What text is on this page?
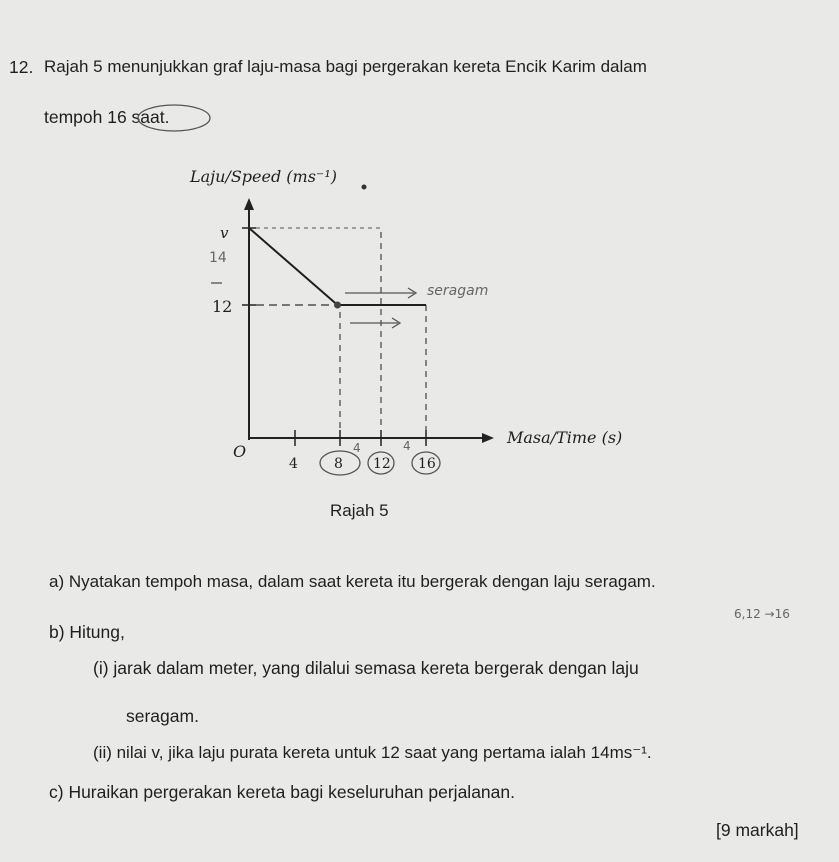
12. Rajah 5 menunjukkan graf laju-masa bagi pergerakan kereta Encik Karim dalam
tempoh 16 saat.
Laju/Speed (ms⁻¹)
Masa/Time (s)
O
v
12
4	8 12 16
seragam
14
4	4
6,12 →16
Rajah 5
a) Nyatakan tempoh masa, dalam saat kereta itu bergerak dengan laju seragam.
b) Hitung,
(i) jarak dalam meter, yang dilalui semasa kereta bergerak dengan laju
seragam.
(ii) nilai v, jika laju purata kereta untuk 12 saat yang pertama ialah 14ms⁻¹.
c) Huraikan pergerakan kereta bagi keseluruhan perjalanan.
[9 markah]
